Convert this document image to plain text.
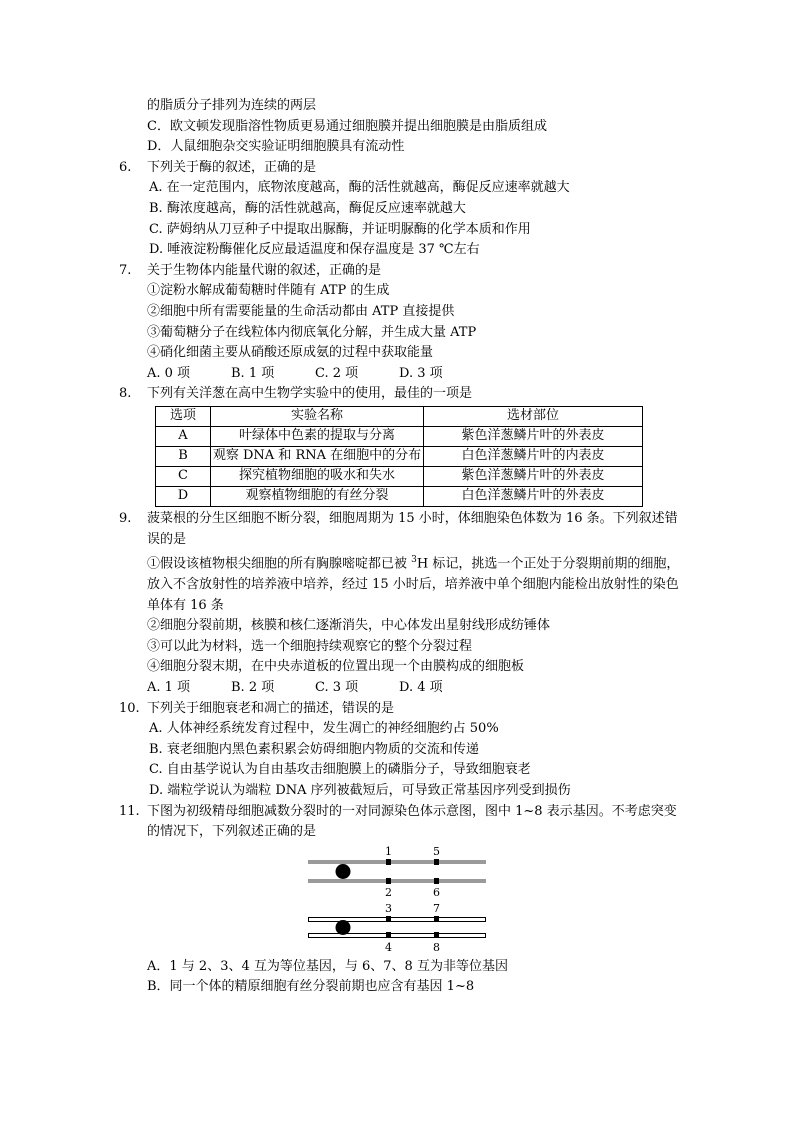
的脂质分子排列为连续的两层
C．欧文顿发现脂溶性物质更易通过细胞膜并提出细胞膜是由脂质组成
D．人鼠细胞杂交实验证明细胞膜具有流动性
6. 下列关于酶的叙述，正确的是
A. 在一定范围内，底物浓度越高，酶的活性就越高，酶促反应速率就越大
B. 酶浓度越高，酶的活性就越高，酶促反应速率就越大
C. 萨姆纳从刀豆种子中提取出脲酶，并证明脲酶的化学本质和作用
D. 唾液淀粉酶催化反应最适温度和保存温度是 37 ℃左右
7. 关于生物体内能量代谢的叙述，正确的是
①淀粉水解成葡萄糖时伴随有 ATP 的生成
②细胞中所有需要能量的生命活动都由 ATP 直接提供
③葡萄糖分子在线粒体内彻底氧化分解，并生成大量 ATP
④硝化细菌主要从硝酸还原成氨的过程中获取能量
A. 0 项	B. 1 项	C. 2 项	D. 3 项
8. 下列有关洋葱在高中生物学实验中的使用，最佳的一项是
选项	实验名称	选材部位
A	叶绿体中色素的提取与分离	紫色洋葱鳞片叶的外表皮
B	观察 DNA 和 RNA 在细胞中的分布	白色洋葱鳞片叶的内表皮
C	探究植物细胞的吸水和失水	紫色洋葱鳞片叶的外表皮
D	观察植物细胞的有丝分裂	白色洋葱鳞片叶的外表皮
9. 菠菜根的分生区细胞不断分裂，细胞周期为 15 小时，体细胞染色体数为 16 条。下列叙述错误的是
①假设该植物根尖细胞的所有胸腺嘧啶都已被 $^3$H 标记，挑选一个正处于分裂期前期的细胞，放入不含放射性的培养液中培养，经过 15 小时后，培养液中单个细胞内能检出放射性的染色单体有 16 条
②细胞分裂前期，核膜和核仁逐渐消失，中心体发出星射线形成纺锤体
③可以此为材料，选一个细胞持续观察它的整个分裂过程
④细胞分裂末期，在中央赤道板的位置出现一个由膜构成的细胞板
A. 1 项	B. 2 项	C. 3 项	D. 4 项
10. 下列关于细胞衰老和凋亡的描述，错误的是
A. 人体神经系统发育过程中，发生凋亡的神经细胞约占 50%
B. 衰老细胞内黑色素积累会妨碍细胞内物质的交流和传递
C. 自由基学说认为自由基攻击细胞膜上的磷脂分子，导致细胞衰老
D. 端粒学说认为端粒 DNA 序列被截短后，可导致正常基因序列受到损伤
11. 下图为初级精母细胞减数分裂时的一对同源染色体示意图，图中 1~8 表示基因。不考虑突变的情况下，下列叙述正确的是
1	5
2	6
3	7
4	8
A．1 与 2、3、4 互为等位基因，与 6、7、8 互为非等位基因
B．同一个体的精原细胞有丝分裂前期也应含有基因 1~8
